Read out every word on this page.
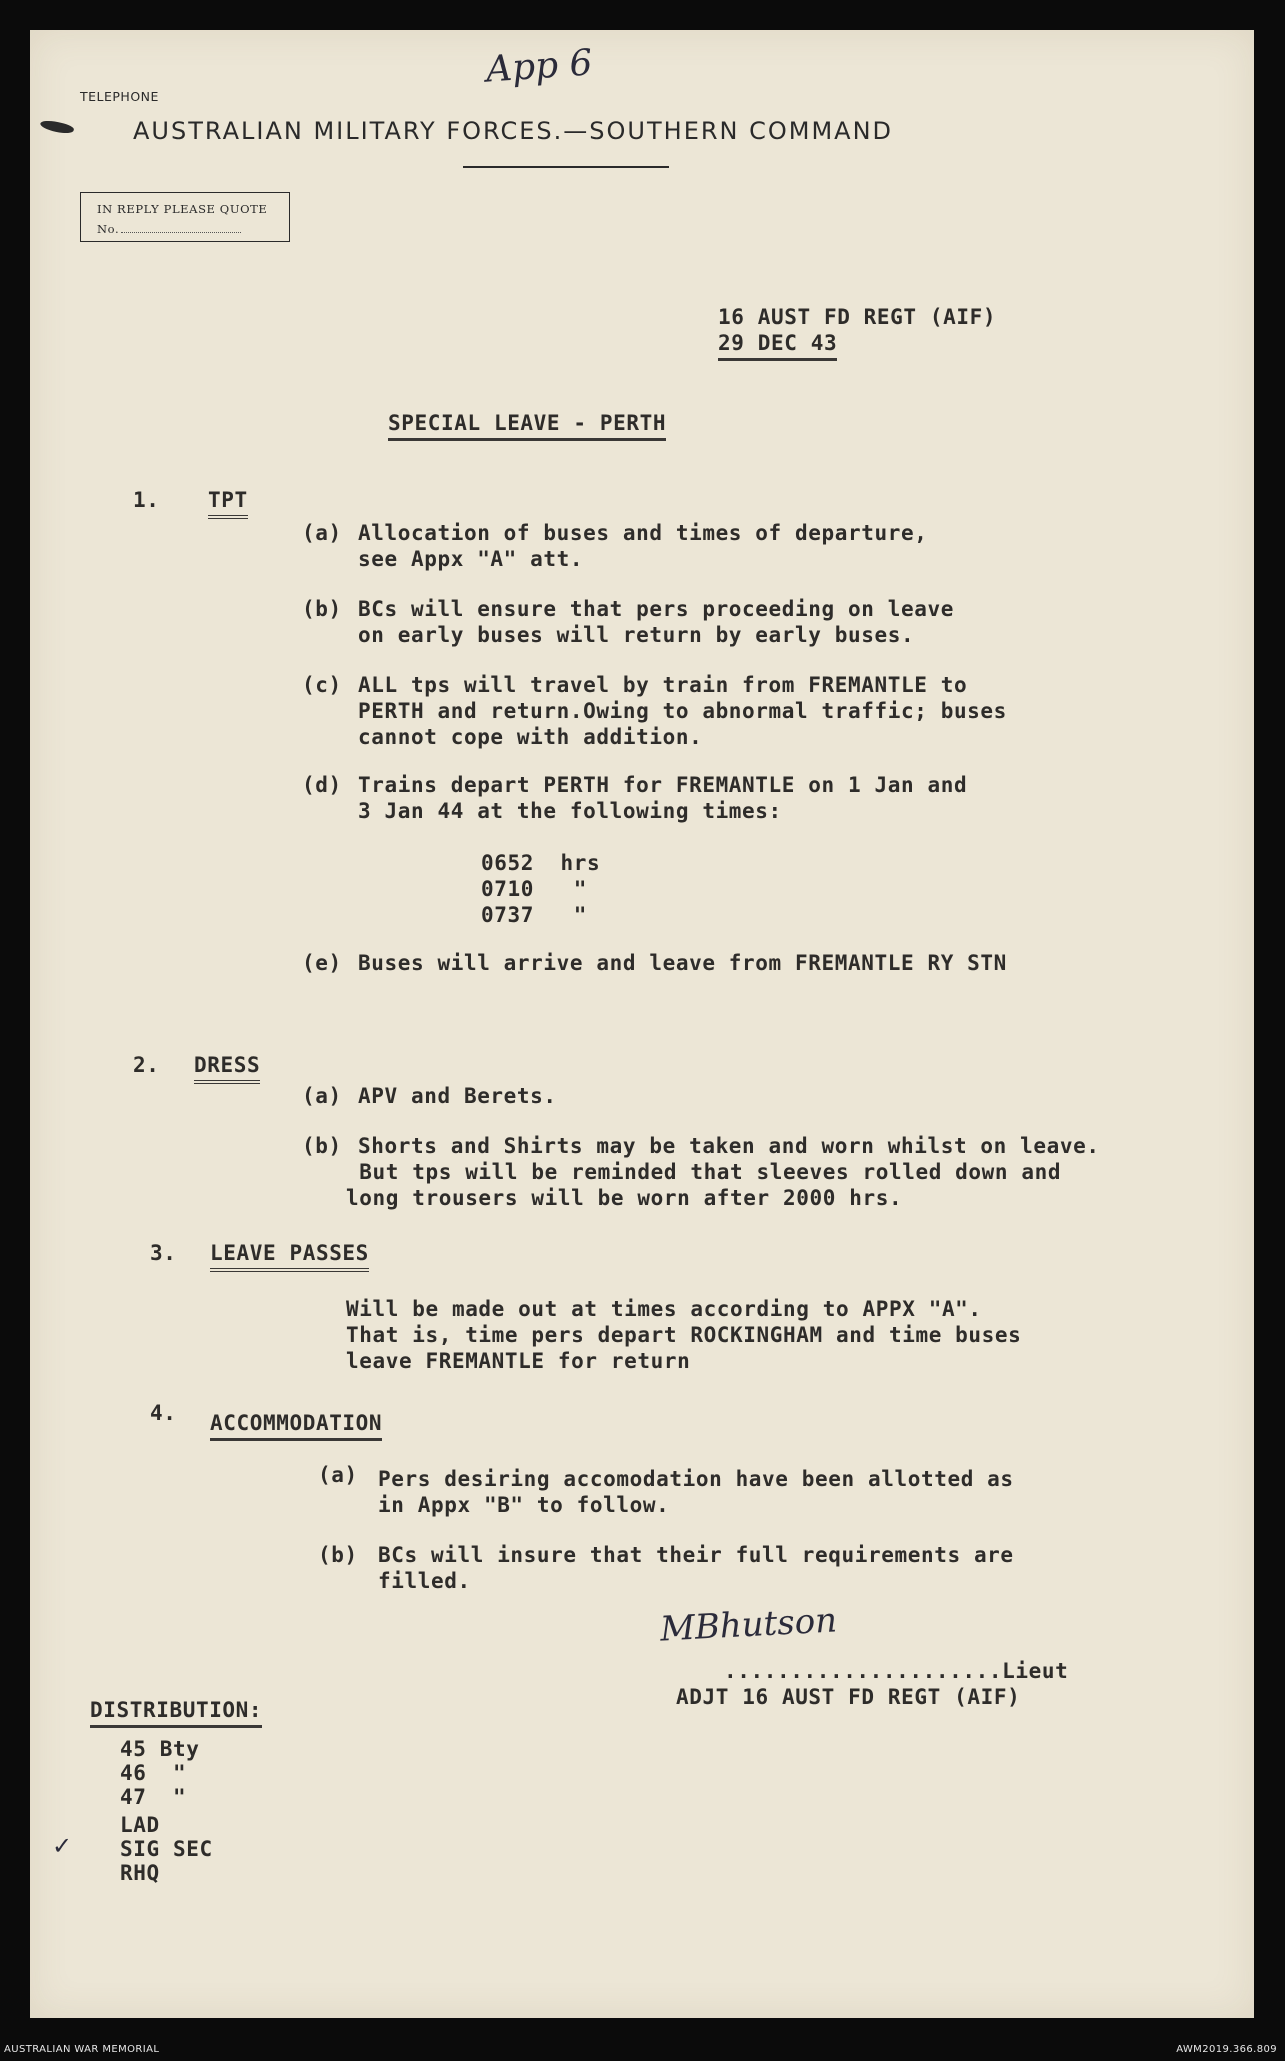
App 6
TELEPHONE
AUSTRALIAN MILITARY FORCES.—SOUTHERN COMMAND
IN REPLY PLEASE QUOTE
No.
16 AUST FD REGT (AIF)
29 DEC 43
SPECIAL LEAVE - PERTH
1. TPT
(a) Allocation of buses and times of departure,
see Appx "A" att.
(b) BCs will ensure that pers proceeding on leave
on early buses will return by early buses.
(c) ALL tps will travel by train from FREMANTLE to
PERTH and return.Owing to abnormal traffic; buses
cannot cope with addition.
(d) Trains depart PERTH for FREMANTLE on 1 Jan and
3 Jan 44 at the following times:
0652  hrs
0710   "
0737   "
(e) Buses will arrive and leave from FREMANTLE RY STN
2. DRESS
(a) APV and Berets.
(b) Shorts and Shirts may be taken and worn whilst on leave.
But tps will be reminded that sleeves rolled down and
long trousers will be worn after 2000 hrs.
3. LEAVE PASSES
Will be made out at times according to APPX "A".
That is, time pers depart ROCKINGHAM and time buses
leave FREMANTLE for return
4. ACCOMMODATION
(a) Pers desiring accomodation have been allotted as
in Appx "B" to follow.
(b) BCs will insure that their full requirements are
filled.
MBhutson
.....................Lieut
ADJT 16 AUST FD REGT (AIF)
DISTRIBUTION:
45 Bty
46  "
47  "
LAD
SIG SEC
RHQ
✓
AUSTRALIAN WAR MEMORIAL	AWM2019.366.809
